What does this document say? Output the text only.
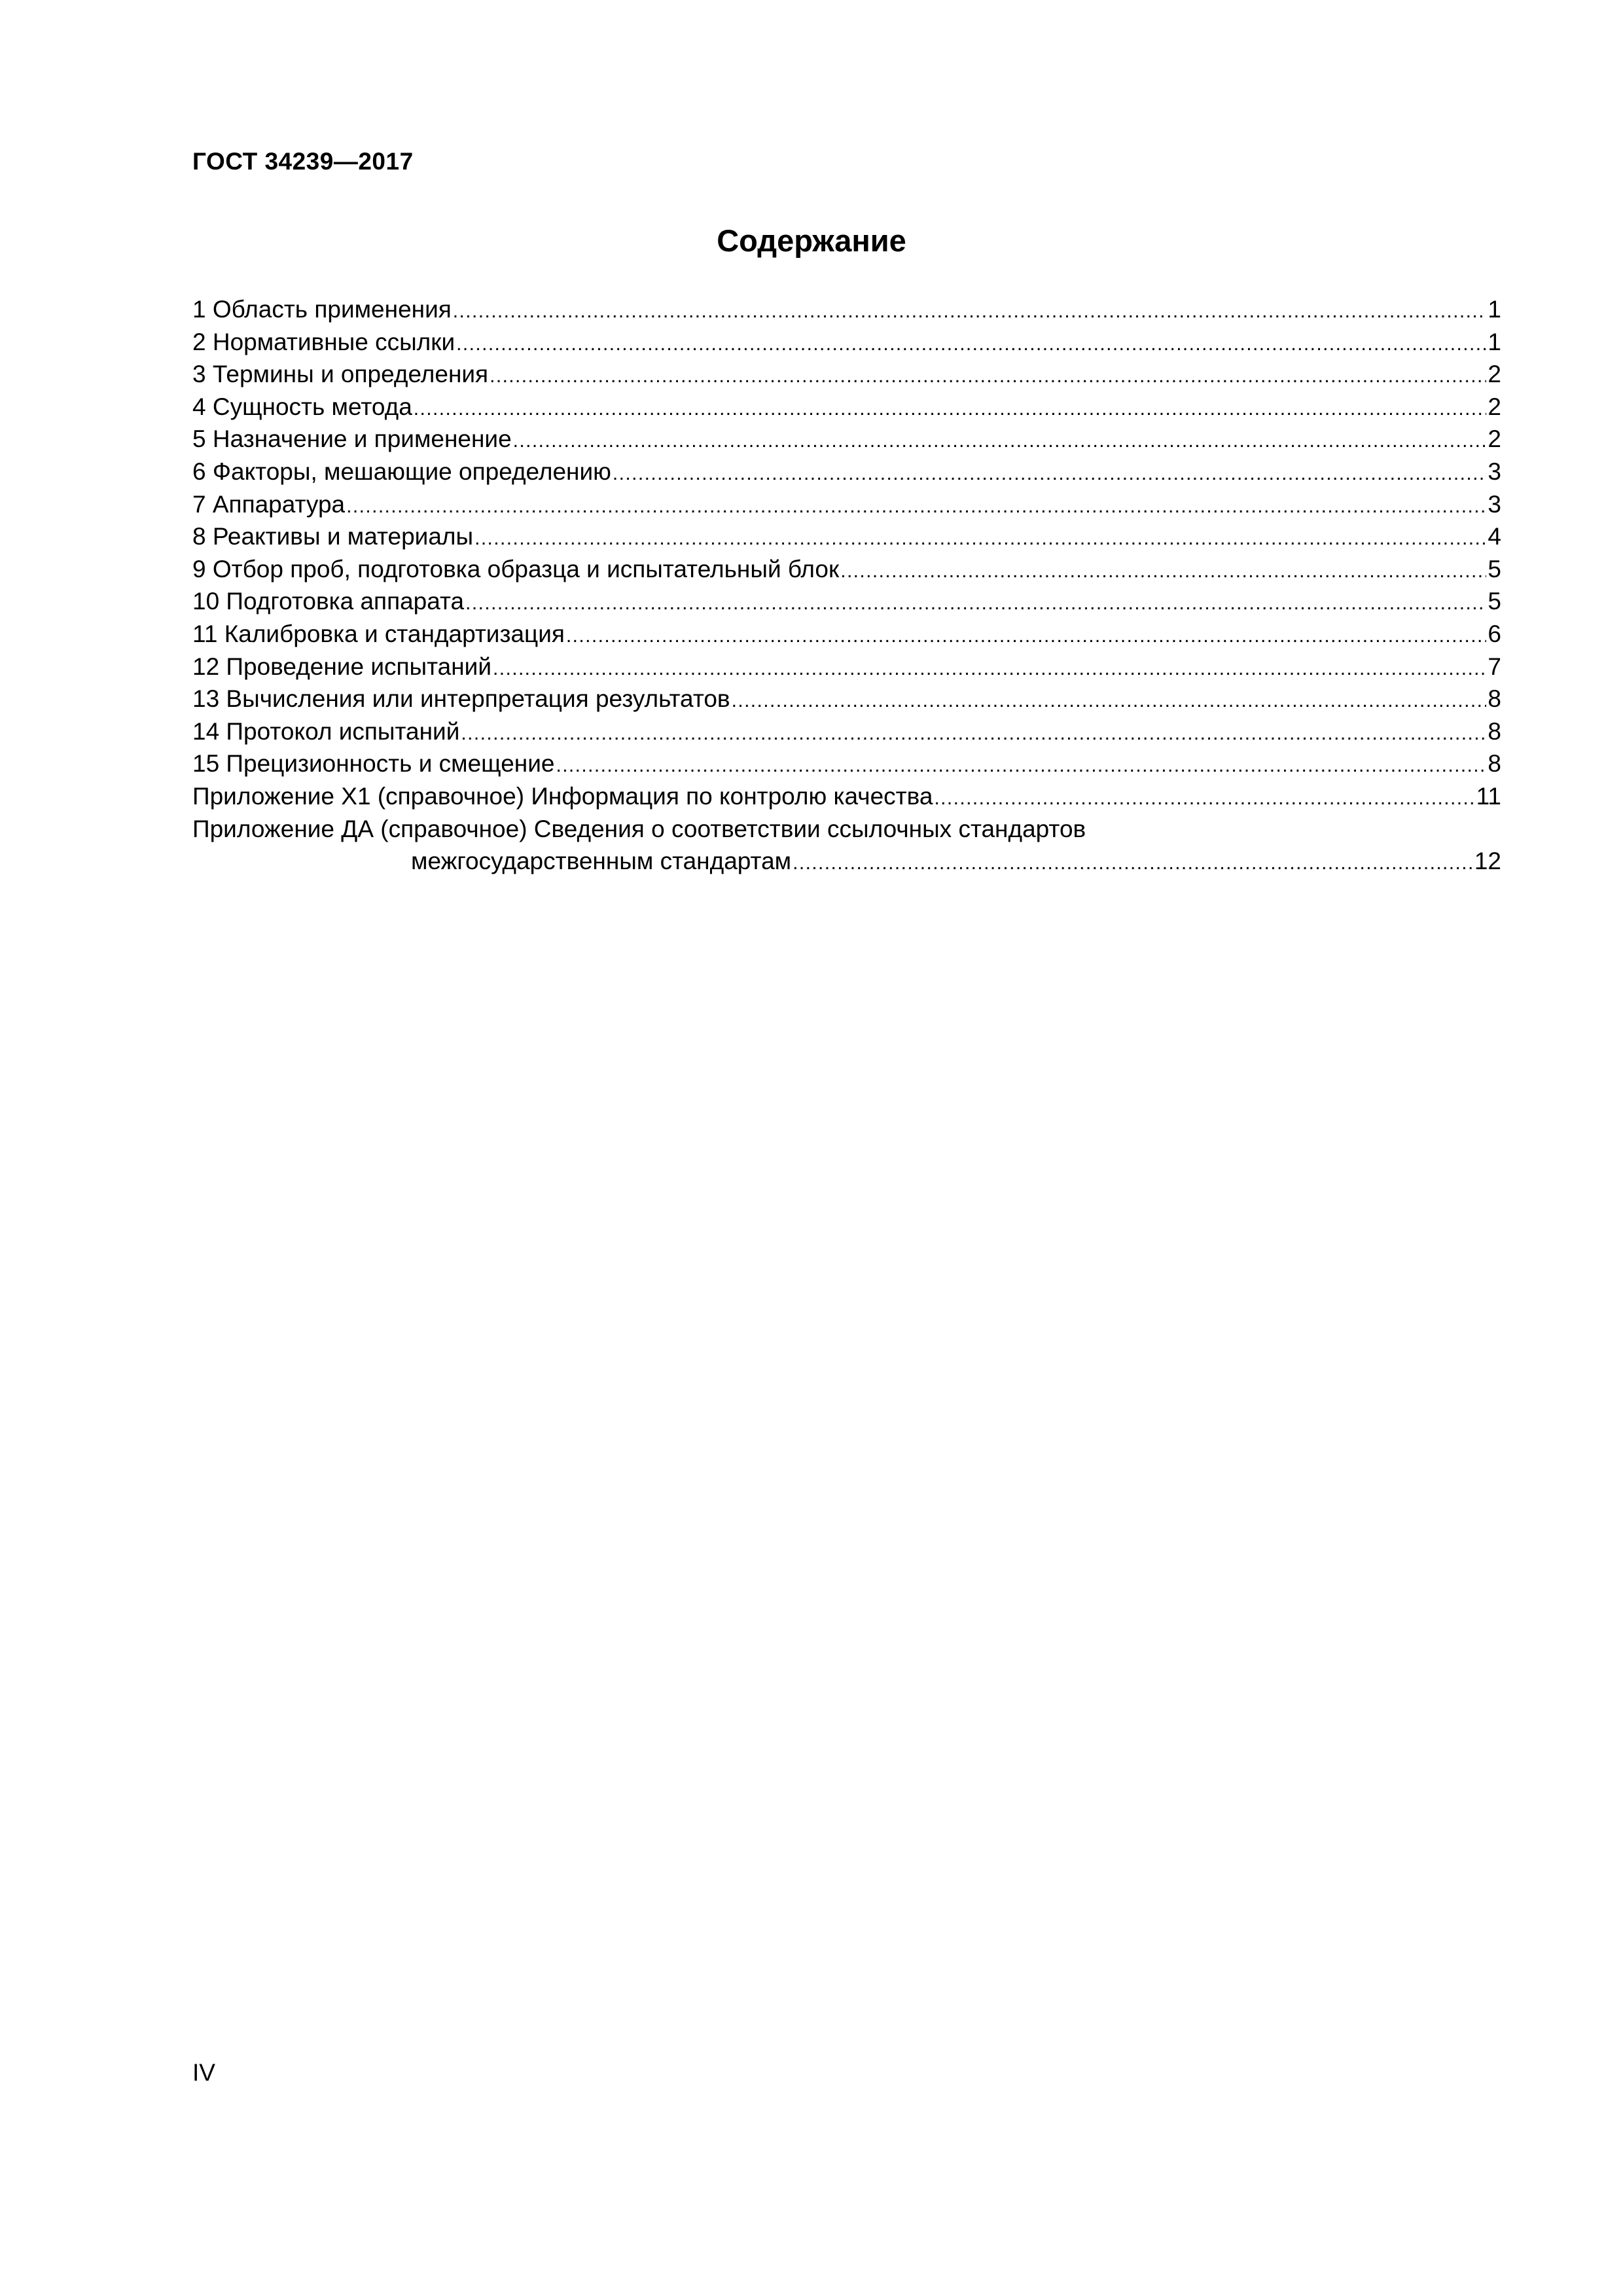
ГОСТ 34239—2017
Содержание
1 Область применения .....	1
2 Нормативные ссылки .....	1
3 Термины и определения .....	2
4 Сущность метода .....	2
5 Назначение и применение .....	2
6 Факторы, мешающие определению .....	3
7 Аппаратура .....	3
8 Реактивы и материалы .....	4
9 Отбор проб, подготовка образца и испытательный блок .....	5
10 Подготовка аппарата .....	5
11 Калибровка и стандартизация .....	6
12 Проведение испытаний .....	7
13 Вычисления или интерпретация результатов .....	8
14 Протокол испытаний .....	8
15 Прецизионность и смещение .....	8
Приложение Х1 (справочное) Информация по контролю качества .....	11
Приложение ДА (справочное) Сведения о соответствии ссылочных стандартов
межгосударственным стандартам .....	12
IV
